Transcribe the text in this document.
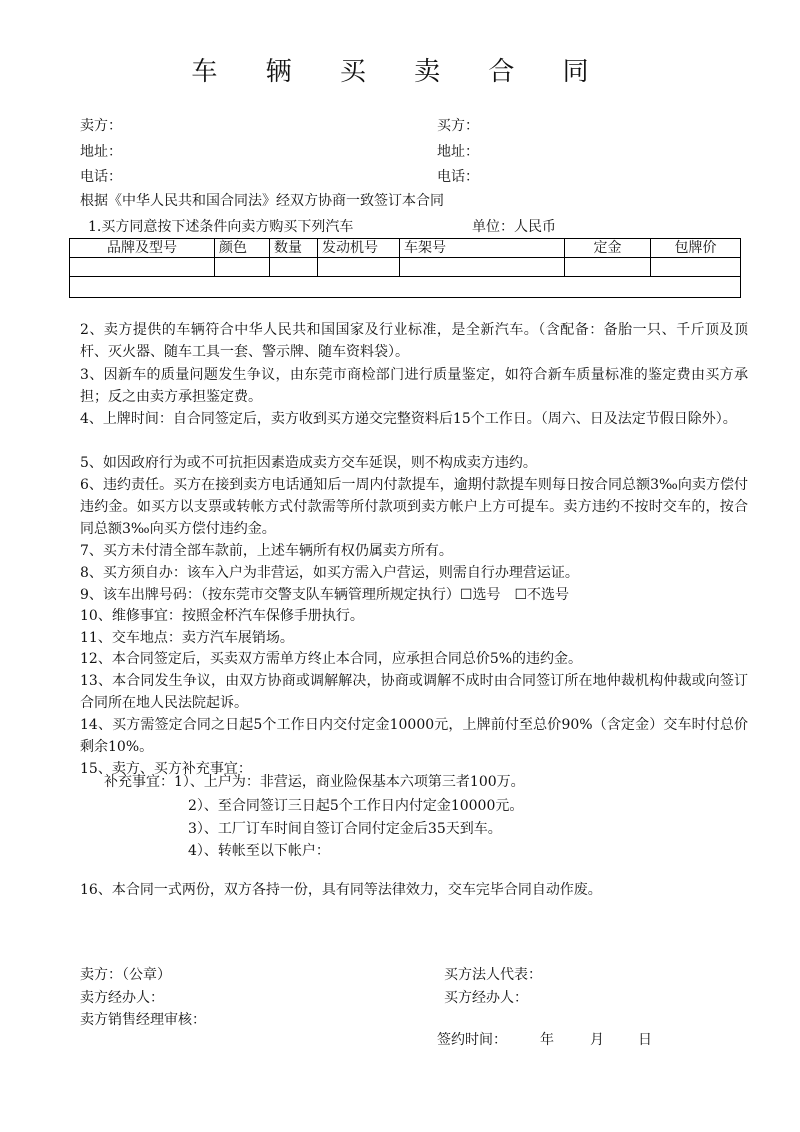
车 辆 买 卖 合 同
卖方：	买方：
地址：	地址：
电话：	电话：
根据《中华人民共和国合同法》经双方协商一致签订本合同
1.买方同意按下述条件向卖方购买下列汽车	单位：人民币
品牌及型号	颜色	数量	发动机号	车架号	定金	包牌价

2、卖方提供的车辆符合中华人民共和国国家及行业标准，是全新汽车。（含配备：备胎一只、千斤顶及顶杆、灭火器、随车工具一套、警示牌、随车资料袋）。
3、因新车的质量问题发生争议，由东莞市商检部门进行质量鉴定，如符合新车质量标准的鉴定费由买方承担；反之由卖方承担鉴定费。
4、上牌时间：自合同签定后，卖方收到买方递交完整资料后15个工作日。（周六、日及法定节假日除外）。
5、如因政府行为或不可抗拒因素造成卖方交车延误，则不构成卖方违约。
6、违约责任。买方在接到卖方电话通知后一周内付款提车，逾期付款提车则每日按合同总额3‰向卖方偿付违约金。如买方以支票或转帐方式付款需等所付款项到卖方帐户上方可提车。卖方违约不按时交车的，按合同总额3‰向买方偿付违约金。
7、买方未付清全部车款前，上述车辆所有权仍属卖方所有。
8、买方须自办：该车入户为非营运，如买方需入户营运，则需自行办理营运证。
9、该车出牌号码：（按东莞市交警支队车辆管理所规定执行）☐选号　☐不选号
10、维修事宜：按照金杯汽车保修手册执行。
11、交车地点：卖方汽车展销场。
12、本合同签定后，买卖双方需单方终止本合同，应承担合同总价5%的违约金。
13、本合同发生争议，由双方协商或调解解决，协商或调解不成时由合同签订所在地仲裁机构仲裁或向签订合同所在地人民法院起诉。
14、买方需签定合同之日起5个工作日内交付定金10000元，上牌前付至总价90%（含定金）交车时付总价剩余10%。
15、卖方、买方补充事宜：
补充事宜： 1）、上户为：非营运，商业险保基本六项第三者100万。
2）、至合同签订三日起5个工作日内付定金10000元。
3）、工厂订车时间自签订合同付定金后35天到车。
4）、转帐至以下帐户：
16、本合同一式两份，双方各持一份，具有同等法律效力，交车完毕合同自动作废。
卖方：（公章）	买方法人代表：
卖方经办人：	买方经办人：
卖方销售经理审核：
签约时间： 年	月 日
